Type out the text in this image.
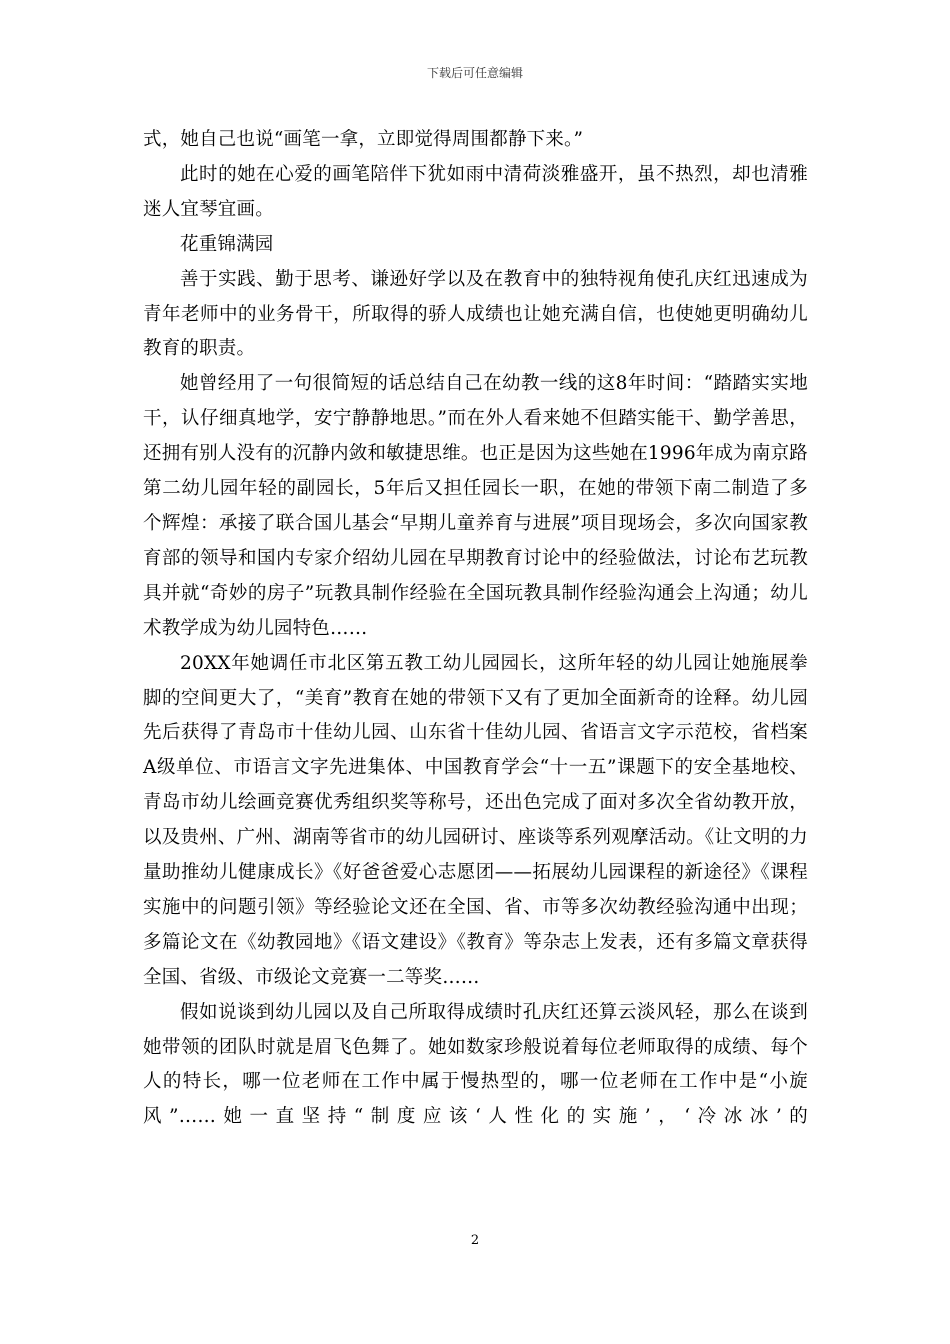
下载后可任意编辑

式，她自己也说“画笔一拿，立即觉得周围都静下来。”

此时的她在心爱的画笔陪伴下犹如雨中清荷淡雅盛开，虽不热烈，却也清雅迷人宜琴宜画。

花重锦满园

善于实践、勤于思考、谦逊好学以及在教育中的独特视角使孔庆红迅速成为青年老师中的业务骨干，所取得的骄人成绩也让她充满自信，也使她更明确幼儿教育的职责。

她曾经用了一句很简短的话总结自己在幼教一线的这8年时间：“踏踏实实地干，认仔细真地学，安宁静静地思。”而在外人看来她不但踏实能干、勤学善思，还拥有别人没有的沉静内敛和敏捷思维。也正是因为这些她在1996年成为南京路第二幼儿园年轻的副园长，5年后又担任园长一职，在她的带领下南二制造了多个辉煌：承接了联合国儿基会“早期儿童养育与进展”项目现场会，多次向国家教育部的领导和国内专家介绍幼儿园在早期教育讨论中的经验做法，讨论布艺玩教具并就“奇妙的房子”玩教具制作经验在全国玩教具制作经验沟通会上沟通；幼儿术教学成为幼儿园特色……

20XX年她调任市北区第五教工幼儿园园长，这所年轻的幼儿园让她施展拳脚的空间更大了，“美育”教育在她的带领下又有了更加全面新奇的诠释。幼儿园先后获得了青岛市十佳幼儿园、山东省十佳幼儿园、省语言文字示范校，省档案A级单位、市语言文字先进集体、中国教育学会“十一五”课题下的安全基地校、青岛市幼儿绘画竞赛优秀组织奖等称号，还出色完成了面对多次全省幼教开放，以及贵州、广州、湖南等省市的幼儿园研讨、座谈等系列观摩活动。《让文明的力量助推幼儿健康成长》《好爸爸爱心志愿团——拓展幼儿园课程的新途径》《课程实施中的问题引领》等经验论文还在全国、省、市等多次幼教经验沟通中出现；多篇论文在《幼教园地》《语文建设》《教育》等杂志上发表，还有多篇文章获得全国、省级、市级论文竞赛一二等奖……

假如说谈到幼儿园以及自己所取得成绩时孔庆红还算云淡风轻，那么在谈到她带领的团队时就是眉飞色舞了。她如数家珍般说着每位老师取得的成绩、每个人的特长，哪一位老师在工作中属于慢热型的，哪一位老师在工作中是“小旋风”……她一直坚持“制度应该‘人性化的实施’，‘冷冰冰’的

2
